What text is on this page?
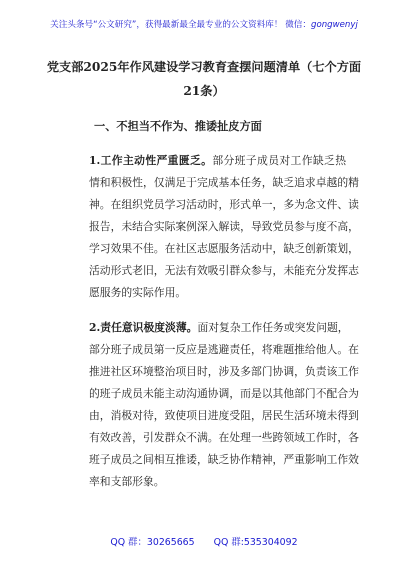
关注头条号“公文研究”，获得最新最全最专业的公文资料库！ 微信：gongwenyj
党支部2025年作风建设学习教育查摆问题清单（七个方面
21条）
一、不担当不作为、推诿扯皮方面
1.工作主动性严重匮乏。部分班子成员对工作缺乏热
情和积极性，仅满足于完成基本任务，缺乏追求卓越的精
神。在组织党员学习活动时，形式单一，多为念文件、读
报告，未结合实际案例深入解读，导致党员参与度不高，
学习效果不佳。在社区志愿服务活动中，缺乏创新策划，
活动形式老旧，无法有效吸引群众参与，未能充分发挥志
愿服务的实际作用。
2.责任意识极度淡薄。面对复杂工作任务或突发问题，
部分班子成员第一反应是逃避责任，将难题推给他人。在
推进社区环境整治项目时，涉及多部门协调，负责该工作
的班子成员未能主动沟通协调，而是以其他部门不配合为
由，消极对待，致使项目进度受阻，居民生活环境未得到
有效改善，引发群众不满。在处理一些跨领域工作时，各
班子成员之间相互推诿，缺乏协作精神，严重影响工作效
率和支部形象。
QQ 群：30265665 QQ 群:535304092
